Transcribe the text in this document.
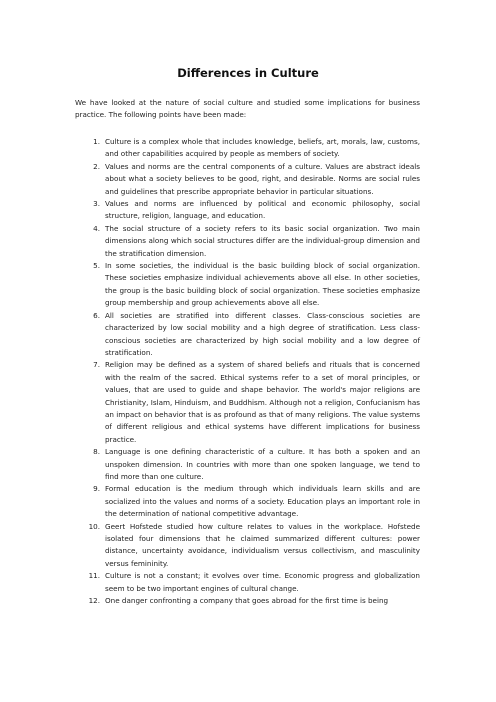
Differences in Culture

We have looked at the nature of social culture and studied some implications for business practice. The following points have been made:

1. Culture is a complex whole that includes knowledge, beliefs, art, morals, law, customs, and other capabilities acquired by people as members of society.
2. Values and norms are the central components of a culture. Values are abstract ideals about what a society believes to be good, right, and desirable. Norms are social rules and guidelines that prescribe appropriate behavior in particular situations.
3. Values and norms are influenced by political and economic philosophy, social structure, religion, language, and education.
4. The social structure of a society refers to its basic social organization. Two main dimensions along which social structures differ are the individual-group dimension and the stratification dimension.
5. In some societies, the individual is the basic building block of social organization. These societies emphasize individual achievements above all else. In other societies, the group is the basic building block of social organization. These societies emphasize group membership and group achievements above all else.
6. All societies are stratified into different classes. Class-conscious societies are characterized by low social mobility and a high degree of stratification. Less class-conscious societies are characterized by high social mobility and a low degree of stratification.
7. Religion may be defined as a system of shared beliefs and rituals that is concerned with the realm of the sacred. Ethical systems refer to a set of moral principles, or values, that are used to guide and shape behavior. The world's major religions are Christianity, Islam, Hinduism, and Buddhism. Although not a religion, Confucianism has an impact on behavior that is as profound as that of many religions. The value systems of different religious and ethical systems have different implications for business practice.
8. Language is one defining characteristic of a culture. It has both a spoken and an unspoken dimension. In countries with more than one spoken language, we tend to find more than one culture.
9. Formal education is the medium through which individuals learn skills and are socialized into the values and norms of a society. Education plays an important role in the determination of national competitive advantage.
10. Geert Hofstede studied how culture relates to values in the workplace. Hofstede isolated four dimensions that he claimed summarized different cultures: power distance, uncertainty avoidance, individualism versus collectivism, and masculinity versus femininity.
11. Culture is not a constant; it evolves over time. Economic progress and globalization seem to be two important engines of cultural change.
12. One danger confronting a company that goes abroad for the first time is being
